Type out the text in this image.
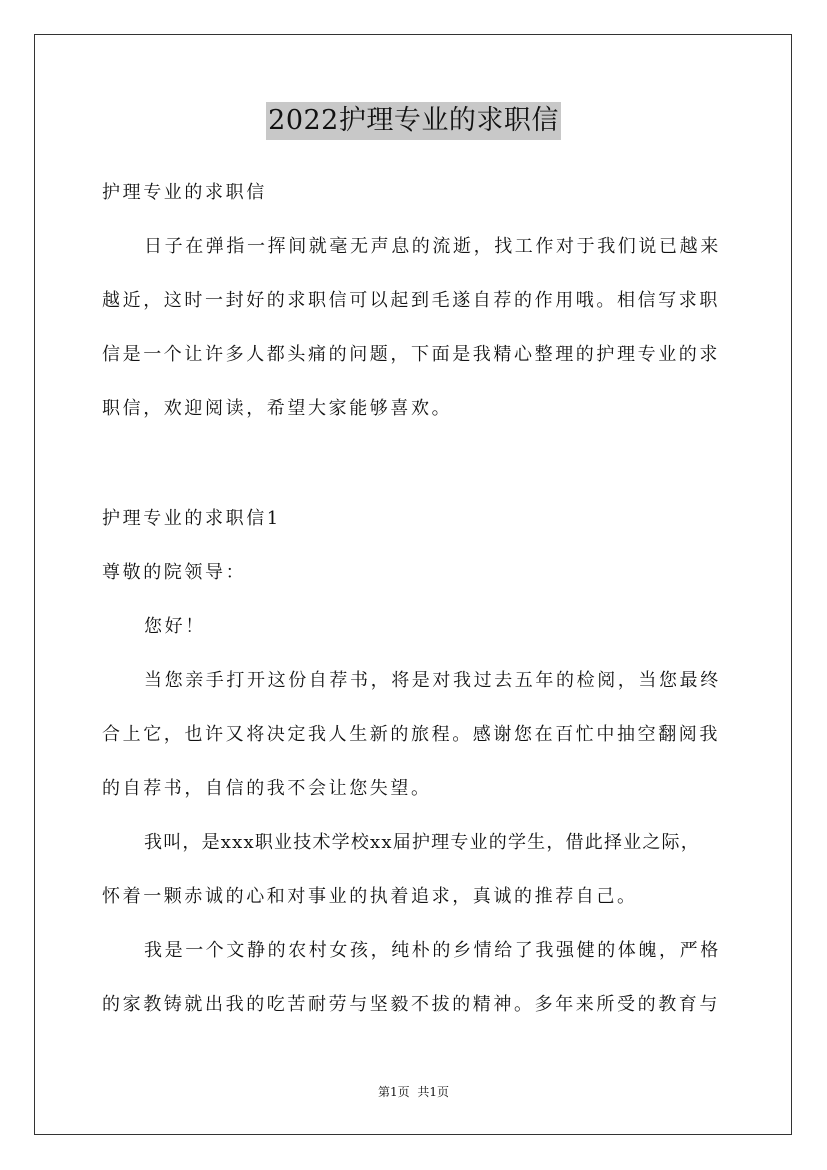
2022护理专业的求职信
护理专业的求职信
日子在弹指一挥间就毫无声息的流逝，找工作对于我们说已越来
越近，这时一封好的求职信可以起到毛遂自荐的作用哦。相信写求职
信是一个让许多人都头痛的问题，下面是我精心整理的护理专业的求
职信，欢迎阅读，希望大家能够喜欢。
护理专业的求职信1
尊敬的院领导：
您好！
当您亲手打开这份自荐书，将是对我过去五年的检阅，当您最终
合上它，也许又将决定我人生新的旅程。感谢您在百忙中抽空翻阅我
的自荐书，自信的我不会让您失望。
我叫，是xxx职业技术学校xx届护理专业的学生，借此择业之际，
怀着一颗赤诚的心和对事业的执着追求，真诚的推荐自己。
我是一个文静的农村女孩，纯朴的乡情给了我强健的体魄，严格
的家教铸就出我的吃苦耐劳与坚毅不拔的精神。多年来所受的教育与
第1页 共1页
